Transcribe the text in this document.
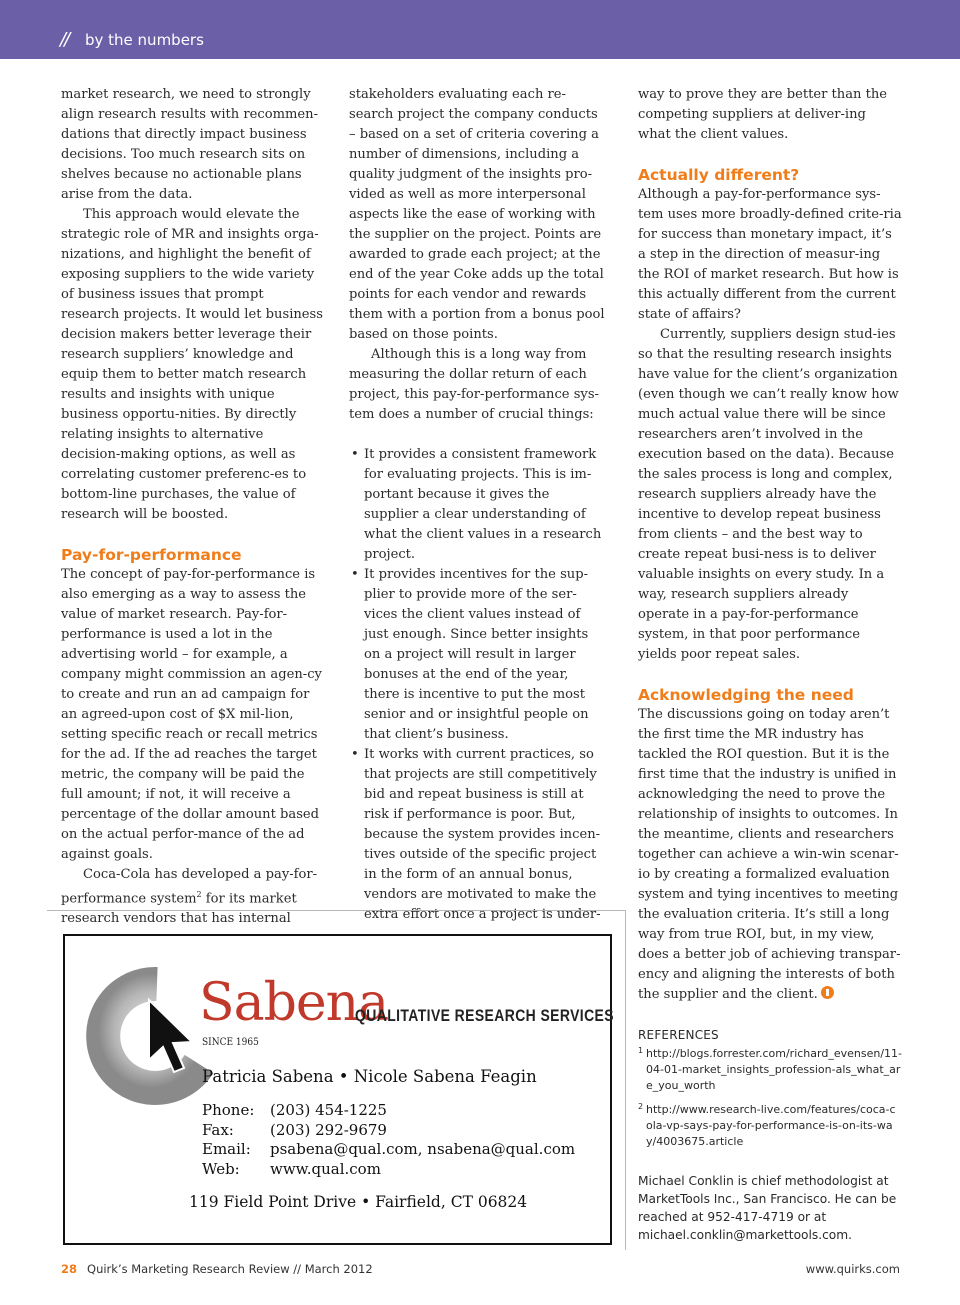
// by the numbers

market research, we need to strongly align research results with recommen-dations that directly impact business decisions. Too much research sits on shelves because no actionable plans arise from the data.

This approach would elevate the strategic role of MR and insights orga-nizations, and highlight the benefit of exposing suppliers to the wide variety of business issues that prompt research projects. It would let business decision makers better leverage their research suppliers’ knowledge and equip them to better match research results and insights with unique business opportu-nities. By directly relating insights to alternative decision-making options, as well as correlating customer preferenc-es to bottom-line purchases, the value of research will be boosted.

Pay-for-performance

The concept of pay-for-performance is also emerging as a way to assess the value of market research. Pay-for-performance is used a lot in the advertising world – for example, a company might commission an agen-cy to create and run an ad campaign for an agreed-upon cost of $X mil-lion, setting specific reach or recall metrics for the ad. If the ad reaches the target metric, the company will be paid the full amount; if not, it will receive a percentage of the dollar amount based on the actual perfor-mance of the ad against goals.

Coca-Cola has developed a pay-for-performance system$^2$ for its market research vendors that has internal

stakeholders evaluating each re-search project the company conducts – based on a set of criteria covering a number of dimensions, including a quality judgment of the insights pro-vided as well as more interpersonal aspects like the ease of working with the supplier on the project. Points are awarded to grade each project; at the end of the year Coke adds up the total points for each vendor and rewards them with a portion from a bonus pool based on those points.

Although this is a long way from measuring the dollar return of each project, this pay-for-performance sys-tem does a number of crucial things:

• It provides a consistent framework for evaluating projects. This is im-portant because it gives the supplier a clear understanding of what the client values in a research project.
• It provides incentives for the sup-plier to provide more of the ser-vices the client values instead of just enough. Since better insights on a project will result in larger bonuses at the end of the year, there is incentive to put the most senior and or insightful people on that client’s business.
• It works with current practices, so that projects are still competitively bid and repeat business is still at risk if performance is poor. But, because the system provides incen-tives outside of the specific project in the form of an annual bonus, vendors are motivated to make the extra effort once a project is under-

way to prove they are better than the competing suppliers at deliver-ing what the client values.

Actually different?

Although a pay-for-performance sys-tem uses more broadly-defined crite-ria for success than monetary impact, it’s a step in the direction of measur-ing the ROI of market research. But how is this actually different from the current state of affairs?

Currently, suppliers design stud-ies so that the resulting research insights have value for the client’s organization (even though we can’t really know how much actual value there will be since researchers aren’t involved in the execution based on the data). Because the sales process is long and complex, research suppliers already have the incentive to develop repeat business from clients – and the best way to create repeat busi-ness is to deliver valuable insights on every study. In a way, research suppliers already operate in a pay-for-performance system, in that poor performance yields poor repeat sales.

Acknowledging the need

The discussions going on today aren’t the first time the MR industry has tackled the ROI question. But it is the first time that the industry is unified in acknowledging the need to prove the relationship of insights to outcomes. In the meantime, clients and researchers together can achieve a win-win scenar-io by creating a formalized evaluation system and tying incentives to meeting the evaluation criteria. It’s still a long way from true ROI, but, in my view, does a better job of achieving transpar-ency and aligning the interests of both the supplier and the client.

REFERENCES
1 http://blogs.forrester.com/richard_evensen/11-04-01-market_insights_profession-als_what_are_you_worth
2 http://www.research-live.com/features/coca-cola-vp-says-pay-for-performance-is-on-its-way/4003675.article
Michael Conklin is chief methodologist at MarketTools Inc., San Francisco. He can be reached at 952-417-4719 or at michael.conklin@markettools.com.
Sabena
QUALITATIVE RESEARCH SERVICES
SINCE 1965
Patricia Sabena • Nicole Sabena Feagin
Phone:	(203) 454-1225
Fax:	(203) 292-9679
Email:	psabena@qual.com, nsabena@qual.com
Web:	www.qual.com
119 Field Point Drive • Fairfield, CT 06824
28 Quirk’s Marketing Research Review // March 2012	www.quirks.com
